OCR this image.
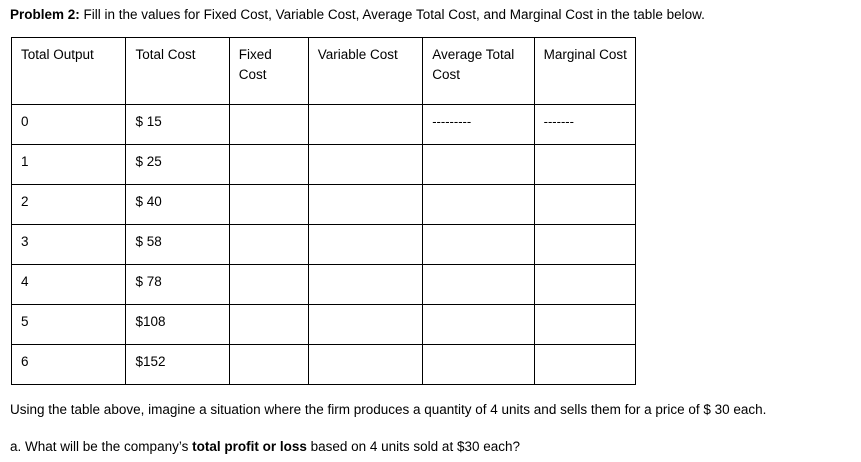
Problem 2: Fill in the values for Fixed Cost, Variable Cost, Average Total Cost, and Marginal Cost in the table below.

Total Output	Total Cost	Fixed Cost	Variable Cost	Average Total Cost	Marginal Cost
0	$ 15			---------	-------
1	$ 25				
2	$ 40				
3	$ 58				
4	$ 78				
5	$108				
6	$152				

Using the table above, imagine a situation where the firm produces a quantity of 4 units and sells them for a price of $ 30 each.

a. What will be the company’s total profit or loss based on 4 units sold at $30 each?
